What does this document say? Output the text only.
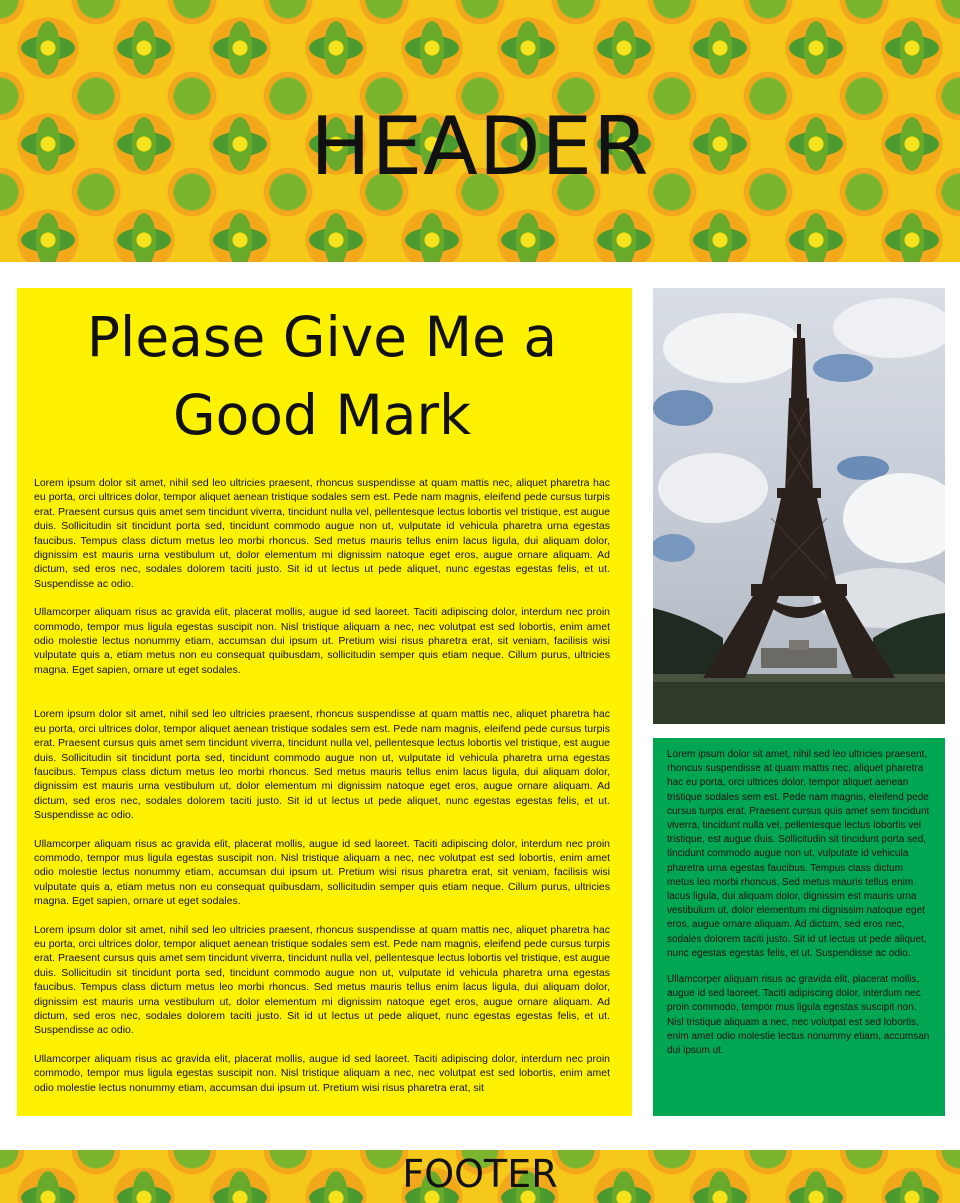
HEADER
Please Give Me a Good Mark

Lorem ipsum dolor sit amet, nihil sed leo ultricies praesent, rhoncus suspendisse at quam mattis nec, aliquet pharetra hac eu porta, orci ultrices dolor, tempor aliquet aenean tristique sodales sem est. Pede nam magnis, eleifend pede cursus turpis erat. Praesent cursus quis amet sem tincidunt viverra, tincidunt nulla vel, pellentesque lectus lobortis vel tristique, est augue duis. Sollicitudin sit tincidunt porta sed, tincidunt commodo augue non ut, vulputate id vehicula pharetra urna egestas faucibus. Tempus class dictum metus leo morbi rhoncus. Sed metus mauris tellus enim lacus ligula, dui aliquam dolor, dignissim est mauris urna vestibulum ut, dolor elementum mi dignissim natoque eget eros, augue ornare aliquam. Ad dictum, sed eros nec, sodales dolorem taciti justo. Sit id ut lectus ut pede aliquet, nunc egestas egestas felis, et ut. Suspendisse ac odio.

Ullamcorper aliquam risus ac gravida elit, placerat mollis, augue id sed laoreet. Taciti adipiscing dolor, interdum nec proin commodo, tempor mus ligula egestas suscipit non. Nisl tristique aliquam a nec, nec volutpat est sed lobortis, enim amet odio molestie lectus nonummy etiam, accumsan dui ipsum ut. Pretium wisi risus pharetra erat, sit veniam, facilisis wisi vulputate quis a, etiam metus non eu consequat quibusdam, sollicitudin semper quis etiam neque. Cillum purus, ultricies magna. Eget sapien, ornare ut eget sodales.

Lorem ipsum dolor sit amet, nihil sed leo ultricies praesent, rhoncus suspendisse at quam mattis nec, aliquet pharetra hac eu porta, orci ultrices dolor, tempor aliquet aenean tristique sodales sem est. Pede nam magnis, eleifend pede cursus turpis erat. Praesent cursus quis amet sem tincidunt viverra, tincidunt nulla vel, pellentesque lectus lobortis vel tristique, est augue duis. Sollicitudin sit tincidunt porta sed, tincidunt commodo augue non ut, vulputate id vehicula pharetra urna egestas faucibus. Tempus class dictum metus leo morbi rhoncus. Sed metus mauris tellus enim lacus ligula, dui aliquam dolor, dignissim est mauris urna vestibulum ut, dolor elementum mi dignissim natoque eget eros, augue ornare aliquam. Ad dictum, sed eros nec, sodales dolorem taciti justo. Sit id ut lectus ut pede aliquet, nunc egestas egestas felis, et ut. Suspendisse ac odio.

Ullamcorper aliquam risus ac gravida elit, placerat mollis, augue id sed laoreet. Taciti adipiscing dolor, interdum nec proin commodo, tempor mus ligula egestas suscipit non. Nisl tristique aliquam a nec, nec volutpat est sed lobortis, enim amet odio molestie lectus nonummy etiam, accumsan dui ipsum ut. Pretium wisi risus pharetra erat, sit veniam, facilisis wisi vulputate quis a, etiam metus non eu consequat quibusdam, sollicitudin semper quis etiam neque. Cillum purus, ultricies magna. Eget sapien, ornare ut eget sodales.

Lorem ipsum dolor sit amet, nihil sed leo ultricies praesent, rhoncus suspendisse at quam mattis nec, aliquet pharetra hac eu porta, orci ultrices dolor, tempor aliquet aenean tristique sodales sem est. Pede nam magnis, eleifend pede cursus turpis erat. Praesent cursus quis amet sem tincidunt viverra, tincidunt nulla vel, pellentesque lectus lobortis vel tristique, est augue duis. Sollicitudin sit tincidunt porta sed, tincidunt commodo augue non ut, vulputate id vehicula pharetra urna egestas faucibus. Tempus class dictum metus leo morbi rhoncus. Sed metus mauris tellus enim lacus ligula, dui aliquam dolor, dignissim est mauris urna vestibulum ut, dolor elementum mi dignissim natoque eget eros, augue ornare aliquam. Ad dictum, sed eros nec, sodales dolorem taciti justo. Sit id ut lectus ut pede aliquet, nunc egestas egestas felis, et ut. Suspendisse ac odio.

Ullamcorper aliquam risus ac gravida elit, placerat mollis, augue id sed laoreet. Taciti adipiscing dolor, interdum nec proin commodo, tempor mus ligula egestas suscipit non. Nisl tristique aliquam a nec, nec volutpat est sed lobortis, enim amet odio molestie lectus nonummy etiam, accumsan dui ipsum ut. Pretium wisi risus pharetra erat, sit

Lorem ipsum dolor sit amet, nihil sed leo ultricies praesent, rhoncus suspendisse at quam mattis nec, aliquet pharetra hac eu porta, orci ultrices dolor, tempor aliquet aenean tristique sodales sem est. Pede nam magnis, eleifend pede cursus turpis erat. Praesent cursus quis amet sem tincidunt viverra, tincidunt nulla vel, pellentesque lectus lobortis vel tristique, est augue duis. Sollicitudin sit tincidunt porta sed, tincidunt commodo augue non ut, vulputate id vehicula pharetra urna egestas faucibus. Tempus class dictum metus leo morbi rhoncus. Sed metus mauris tellus enim lacus ligula, dui aliquam dolor, dignissim est mauris urna vestibulum ut, dolor elementum mi dignissim natoque eget eros, augue ornare aliquam. Ad dictum, sed eros nec, sodales dolorem taciti justo. Sit id ut lectus ut pede aliquet, nunc egestas egestas felis, et ut. Suspendisse ac odio.

Ullamcorper aliquam risus ac gravida elit, placerat mollis, augue id sed laoreet. Taciti adipiscing dolor, interdum nec proin commodo, tempor mus ligula egestas suscipit non. Nisl tristique aliquam a nec, nec volutpat est sed lobortis, enim amet odio molestie lectus nonummy etiam, accumsan dui ipsum ut.

FOOTER
